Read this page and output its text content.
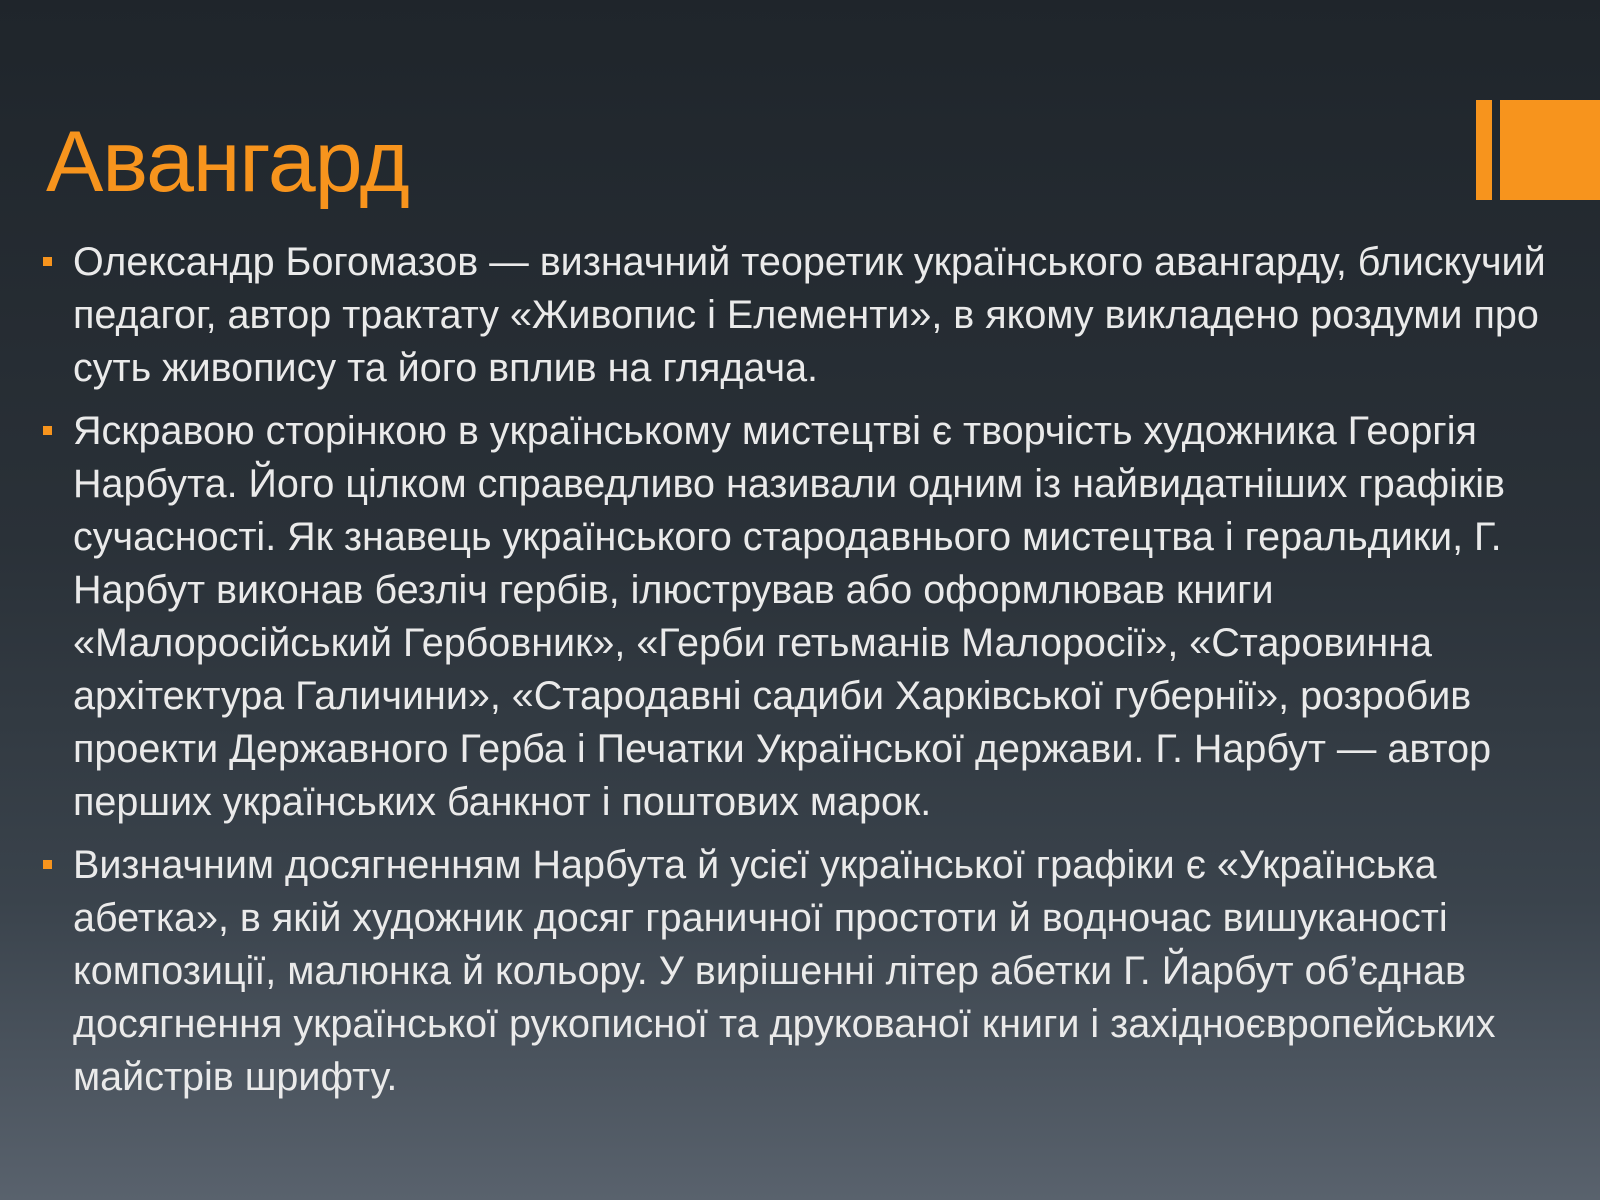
Авангард
Олександр Богомазов — визначний теоретик українського авангарду, блискучий педагог, автор трактату «Живопис і Елементи», в якому викладено роздуми про суть живопису та його вплив на глядача.
Яскравою сторінкою в українському мистецтві є творчість художника Георгія Нарбута. Його цілком справедливо називали одним із найвидатніших графіків сучасності. Як знавець українського стародавнього мистецтва і геральдики, Г. Нарбут виконав безліч гербів, ілюстрував або оформлював книги «Малоросійський Гербовник», «Герби гетьманів Малоросії», «Старовинна архітектура Галичини», «Стародавні садиби Харківської губернії», розробив проекти Державного Герба і Печатки Української держави. Г. Нарбут — автор перших українських банкнот і поштових марок.
Визначним досягненням Нарбута й усієї української графіки є «Українська абетка», в якій художник досяг граничної простоти й водночас вишуканості композиції, малюнка й кольору. У вирішенні літер абетки Г. Йарбут об’єднав досягнення української рукописної та друкованої книги і західноєвропейських майстрів шрифту.
